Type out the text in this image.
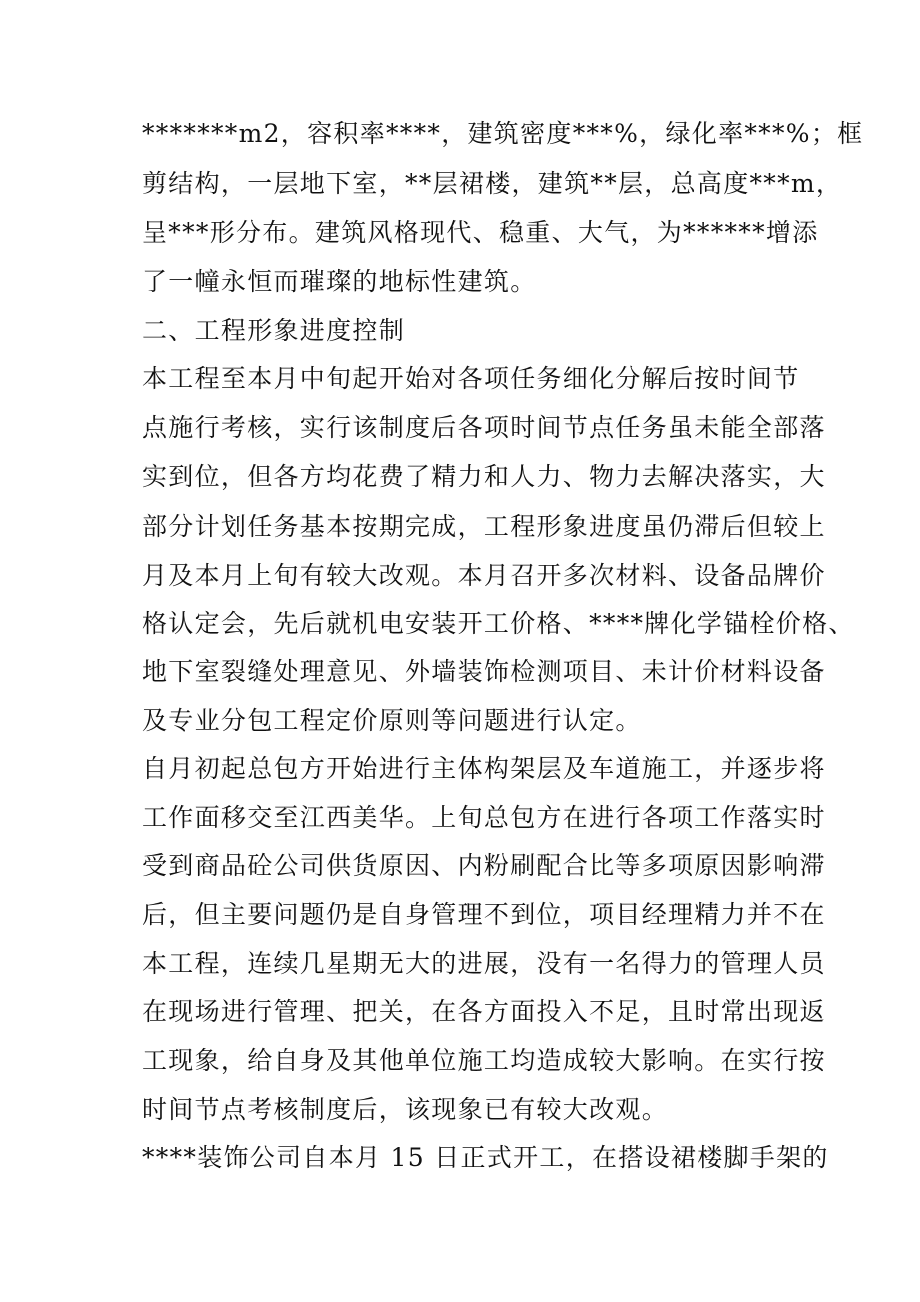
*******m2，容积率****，建筑密度***%，绿化率***%；框
剪结构，一层地下室，**层裙楼，建筑**层，总高度***m，
呈***形分布。建筑风格现代、稳重、大气，为******增添
了一幢永恒而璀璨的地标性建筑。
二、工程形象进度控制
本工程至本月中旬起开始对各项任务细化分解后按时间节
点施行考核，实行该制度后各项时间节点任务虽未能全部落
实到位，但各方均花费了精力和人力、物力去解决落实，大
部分计划任务基本按期完成，工程形象进度虽仍滞后但较上
月及本月上旬有较大改观。本月召开多次材料、设备品牌价
格认定会，先后就机电安装开工价格、****牌化学锚栓价格、
地下室裂缝处理意见、外墙装饰检测项目、未计价材料设备
及专业分包工程定价原则等问题进行认定。
自月初起总包方开始进行主体构架层及车道施工，并逐步将
工作面移交至江西美华。上旬总包方在进行各项工作落实时
受到商品砼公司供货原因、内粉刷配合比等多项原因影响滞
后，但主要问题仍是自身管理不到位，项目经理精力并不在
本工程，连续几星期无大的进展，没有一名得力的管理人员
在现场进行管理、把关，在各方面投入不足，且时常出现返
工现象，给自身及其他单位施工均造成较大影响。在实行按
时间节点考核制度后，该现象已有较大改观。
****装饰公司自本月 15 日正式开工，在搭设裙楼脚手架的
